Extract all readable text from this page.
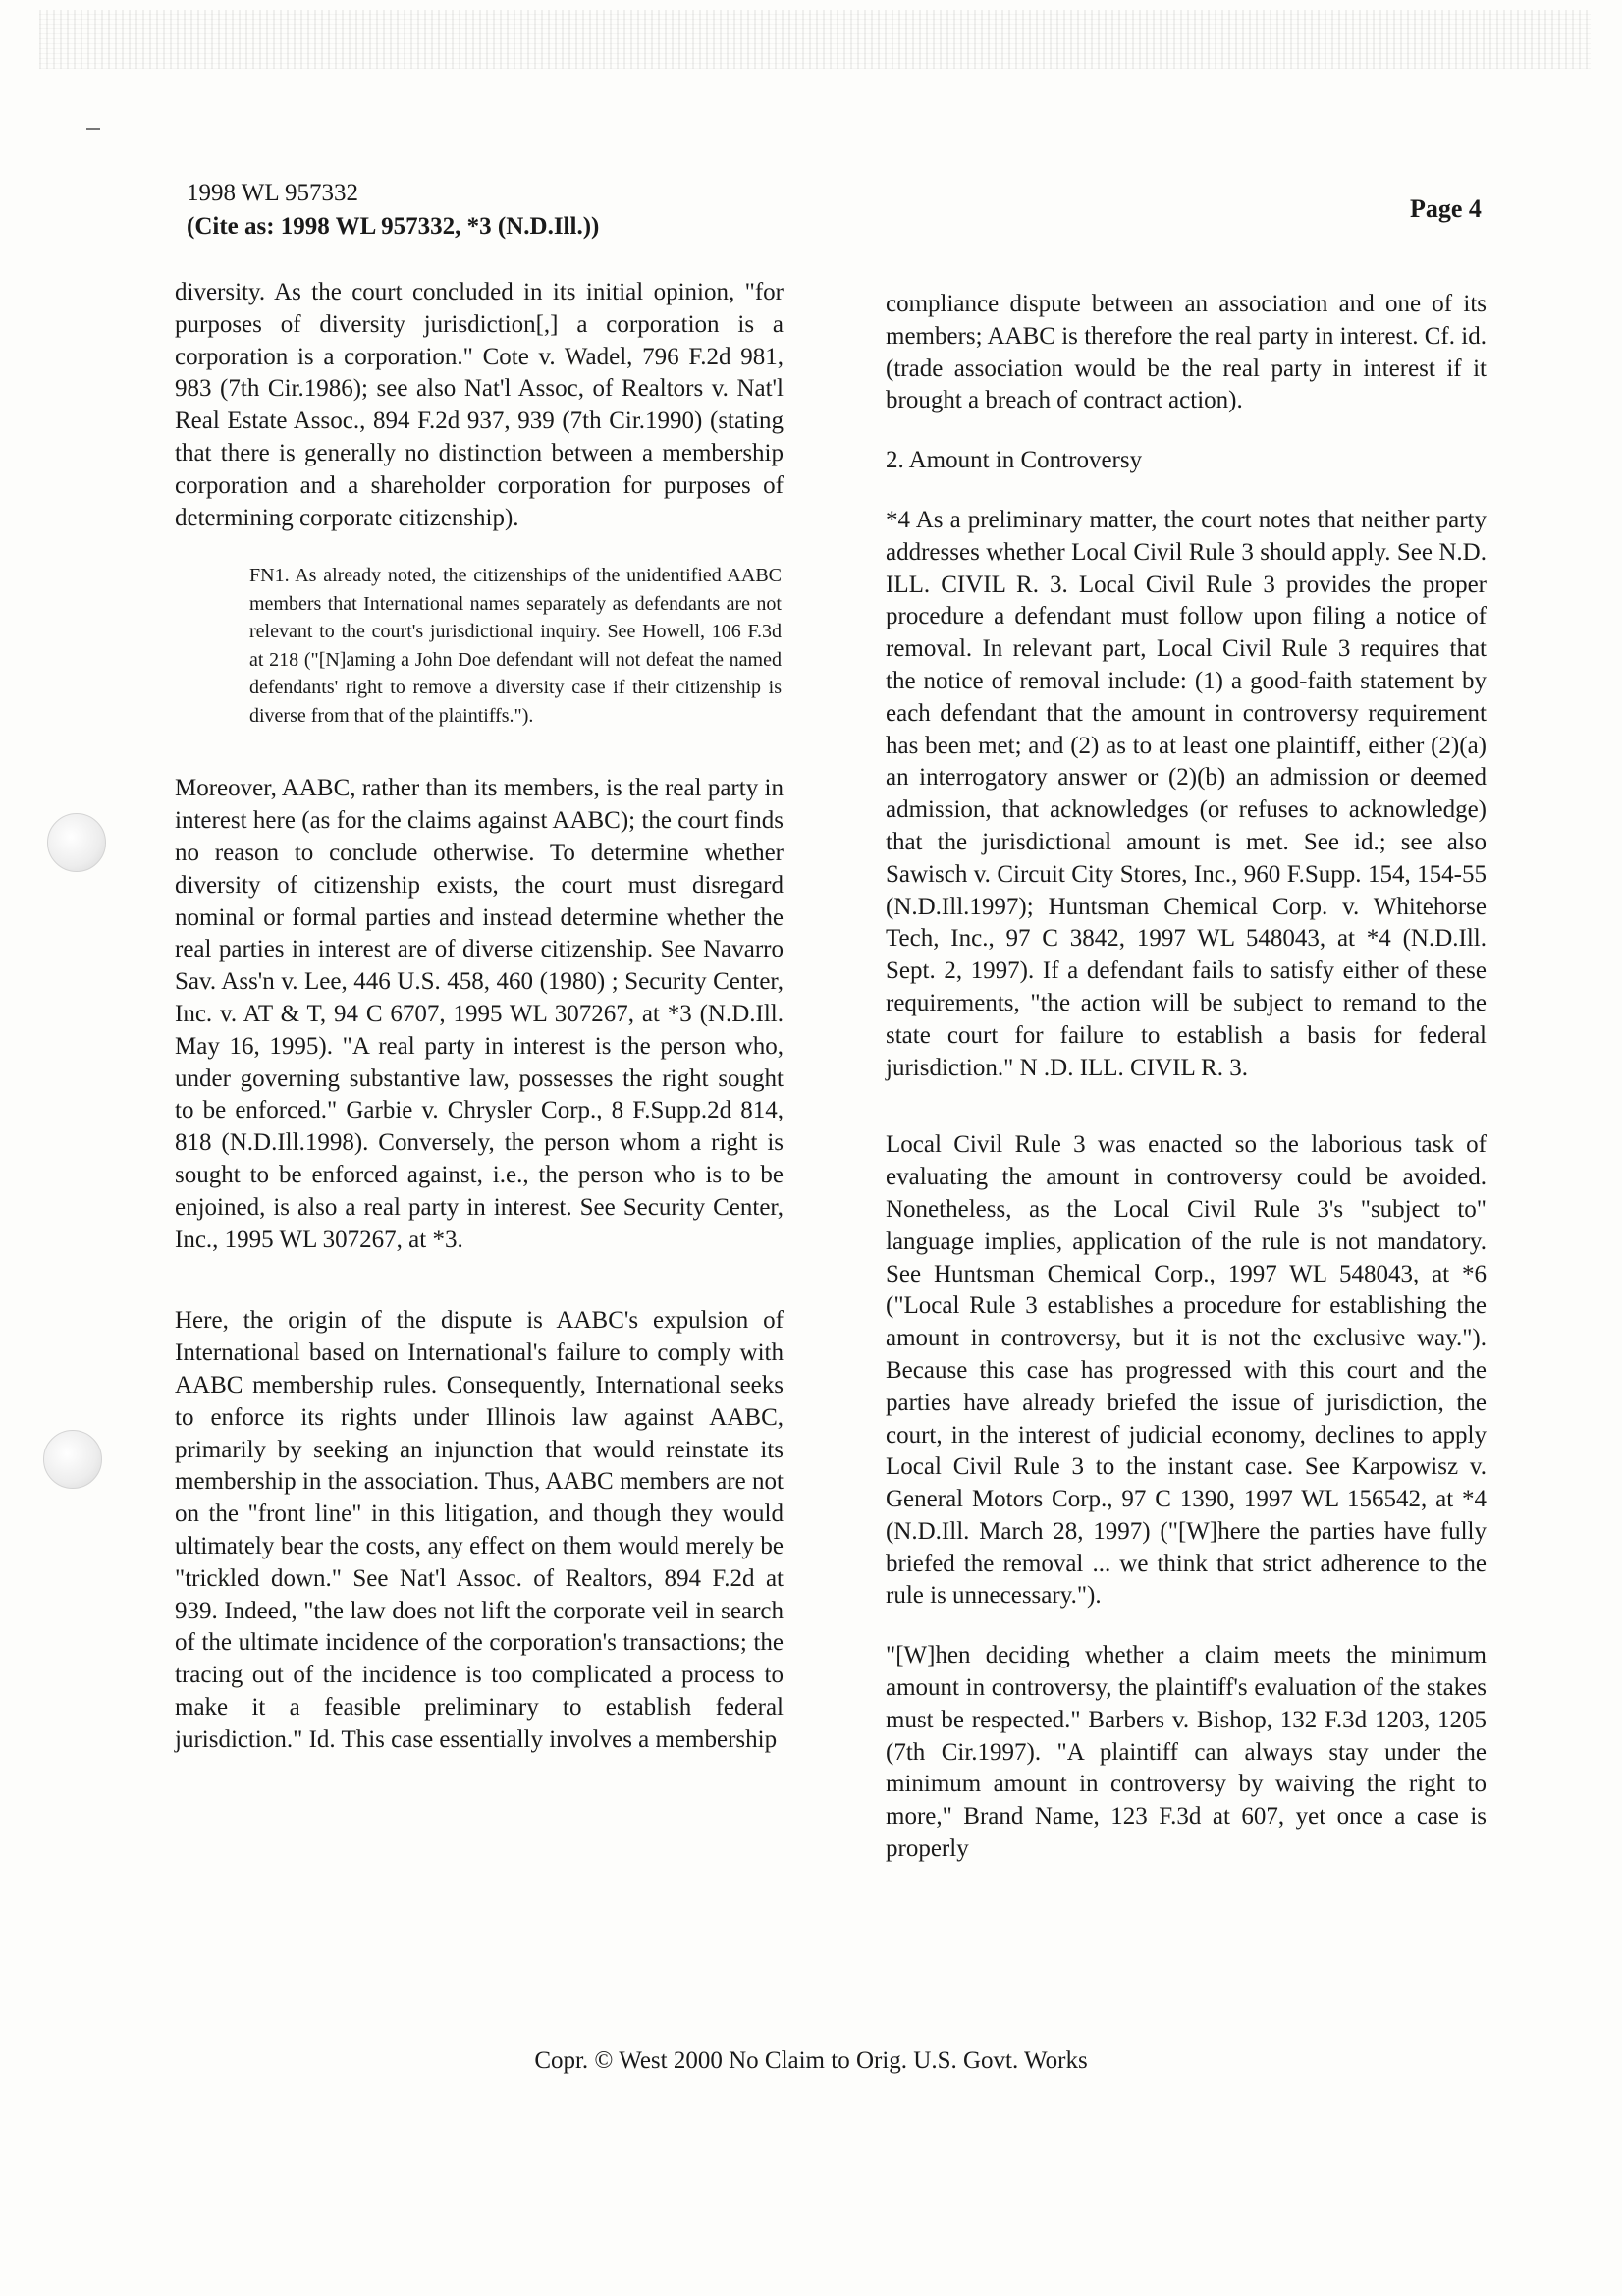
1998 WL 957332
(Cite as: 1998 WL 957332, *3 (N.D.Ill.))
Page 4

diversity. As the court concluded in its initial opinion, "for purposes of diversity jurisdiction[,] a corporation is a corporation is a corporation." Cote v. Wadel, 796 F.2d 981, 983 (7th Cir.1986); see also Nat'l Assoc, of Realtors v. Nat'l Real Estate Assoc., 894 F.2d 937, 939 (7th Cir.1990) (stating that there is generally no distinction between a membership corporation and a shareholder corporation for purposes of determining corporate citizenship).

FN1. As already noted, the citizenships of the unidentified AABC members that International names separately as defendants are not relevant to the court's jurisdictional inquiry. See Howell, 106 F.3d at 218 ("[N]aming a John Doe defendant will not defeat the named defendants' right to remove a diversity case if their citizenship is diverse from that of the plaintiffs.").

Moreover, AABC, rather than its members, is the real party in interest here (as for the claims against AABC); the court finds no reason to conclude otherwise. To determine whether diversity of citizenship exists, the court must disregard nominal or formal parties and instead determine whether the real parties in interest are of diverse citizenship. See Navarro Sav. Ass'n v. Lee, 446 U.S. 458, 460 (1980) ; Security Center, Inc. v. AT & T, 94 C 6707, 1995 WL 307267, at *3 (N.D.Ill. May 16, 1995). "A real party in interest is the person who, under governing substantive law, possesses the right sought to be enforced." Garbie v. Chrysler Corp., 8 F.Supp.2d 814, 818 (N.D.Ill.1998). Conversely, the person whom a right is sought to be enforced against, i.e., the person who is to be enjoined, is also a real party in interest. See Security Center, Inc., 1995 WL 307267, at *3.

Here, the origin of the dispute is AABC's expulsion of International based on International's failure to comply with AABC membership rules. Consequently, International seeks to enforce its rights under Illinois law against AABC, primarily by seeking an injunction that would reinstate its membership in the association. Thus, AABC members are not on the "front line" in this litigation, and though they would ultimately bear the costs, any effect on them would merely be "trickled down." See Nat'l Assoc. of Realtors, 894 F.2d at 939. Indeed, "the law does not lift the corporate veil in search of the ultimate incidence of the corporation's transactions; the tracing out of the incidence is too complicated a process to make it a feasible preliminary to establish federal jurisdiction." Id. This case essentially involves a membership

compliance dispute between an association and one of its members; AABC is therefore the real party in interest. Cf. id. (trade association would be the real party in interest if it brought a breach of contract action).

2. Amount in Controversy

*4 As a preliminary matter, the court notes that neither party addresses whether Local Civil Rule 3 should apply. See N.D. ILL. CIVIL R. 3. Local Civil Rule 3 provides the proper procedure a defendant must follow upon filing a notice of removal. In relevant part, Local Civil Rule 3 requires that the notice of removal include: (1) a good-faith statement by each defendant that the amount in controversy requirement has been met; and (2) as to at least one plaintiff, either (2)(a) an interrogatory answer or (2)(b) an admission or deemed admission, that acknowledges (or refuses to acknowledge) that the jurisdictional amount is met. See id.; see also Sawisch v. Circuit City Stores, Inc., 960 F.Supp. 154, 154-55 (N.D.Ill.1997); Huntsman Chemical Corp. v. Whitehorse Tech, Inc., 97 C 3842, 1997 WL 548043, at *4 (N.D.Ill. Sept. 2, 1997). If a defendant fails to satisfy either of these requirements, "the action will be subject to remand to the state court for failure to establish a basis for federal jurisdiction." N .D. ILL. CIVIL R. 3.

Local Civil Rule 3 was enacted so the laborious task of evaluating the amount in controversy could be avoided. Nonetheless, as the Local Civil Rule 3's "subject to" language implies, application of the rule is not mandatory. See Huntsman Chemical Corp., 1997 WL 548043, at *6 ("Local Rule 3 establishes a procedure for establishing the amount in controversy, but it is not the exclusive way."). Because this case has progressed with this court and the parties have already briefed the issue of jurisdiction, the court, in the interest of judicial economy, declines to apply Local Civil Rule 3 to the instant case. See Karpowisz v. General Motors Corp., 97 C 1390, 1997 WL 156542, at *4 (N.D.Ill. March 28, 1997) ("[W]here the parties have fully briefed the removal ... we think that strict adherence to the rule is unnecessary.").

"[W]hen deciding whether a claim meets the minimum amount in controversy, the plaintiff's evaluation of the stakes must be respected." Barbers v. Bishop, 132 F.3d 1203, 1205 (7th Cir.1997). "A plaintiff can always stay under the minimum amount in controversy by waiving the right to more," Brand Name, 123 F.3d at 607, yet once a case is properly

Copr. © West 2000 No Claim to Orig. U.S. Govt. Works
